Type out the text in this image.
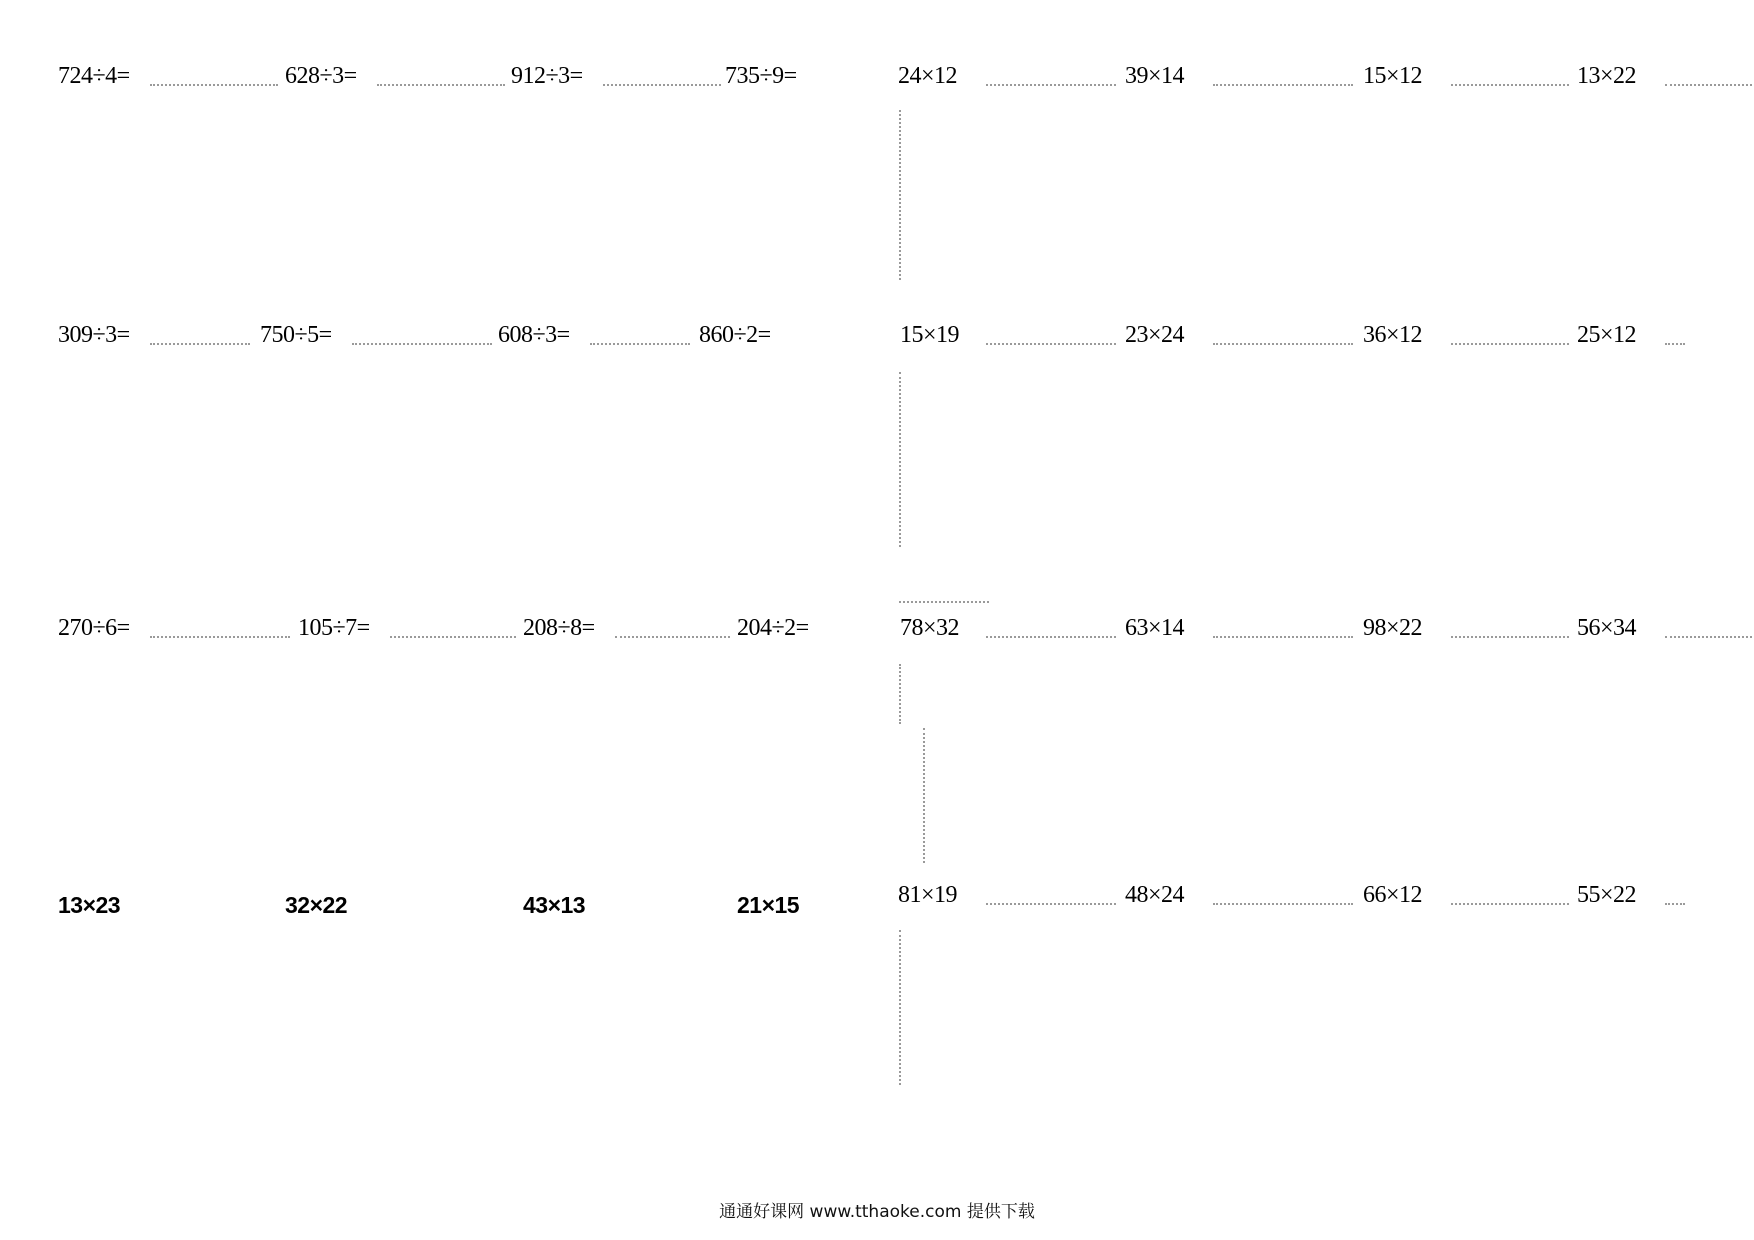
724÷4=	628÷3=	912÷3=	735÷9=
309÷3=	750÷5=	608÷3=	860÷2=
270÷6=	105÷7=	208÷8=	204÷2=
13×23	32×22	43×13	21×15
24×12	39×14	15×12	13×22
15×19	23×24	36×12	25×12
78×32	63×14	98×22	56×34
81×19	48×24	66×12	55×22
通通好课网 www.tthaoke.com 提供下载
